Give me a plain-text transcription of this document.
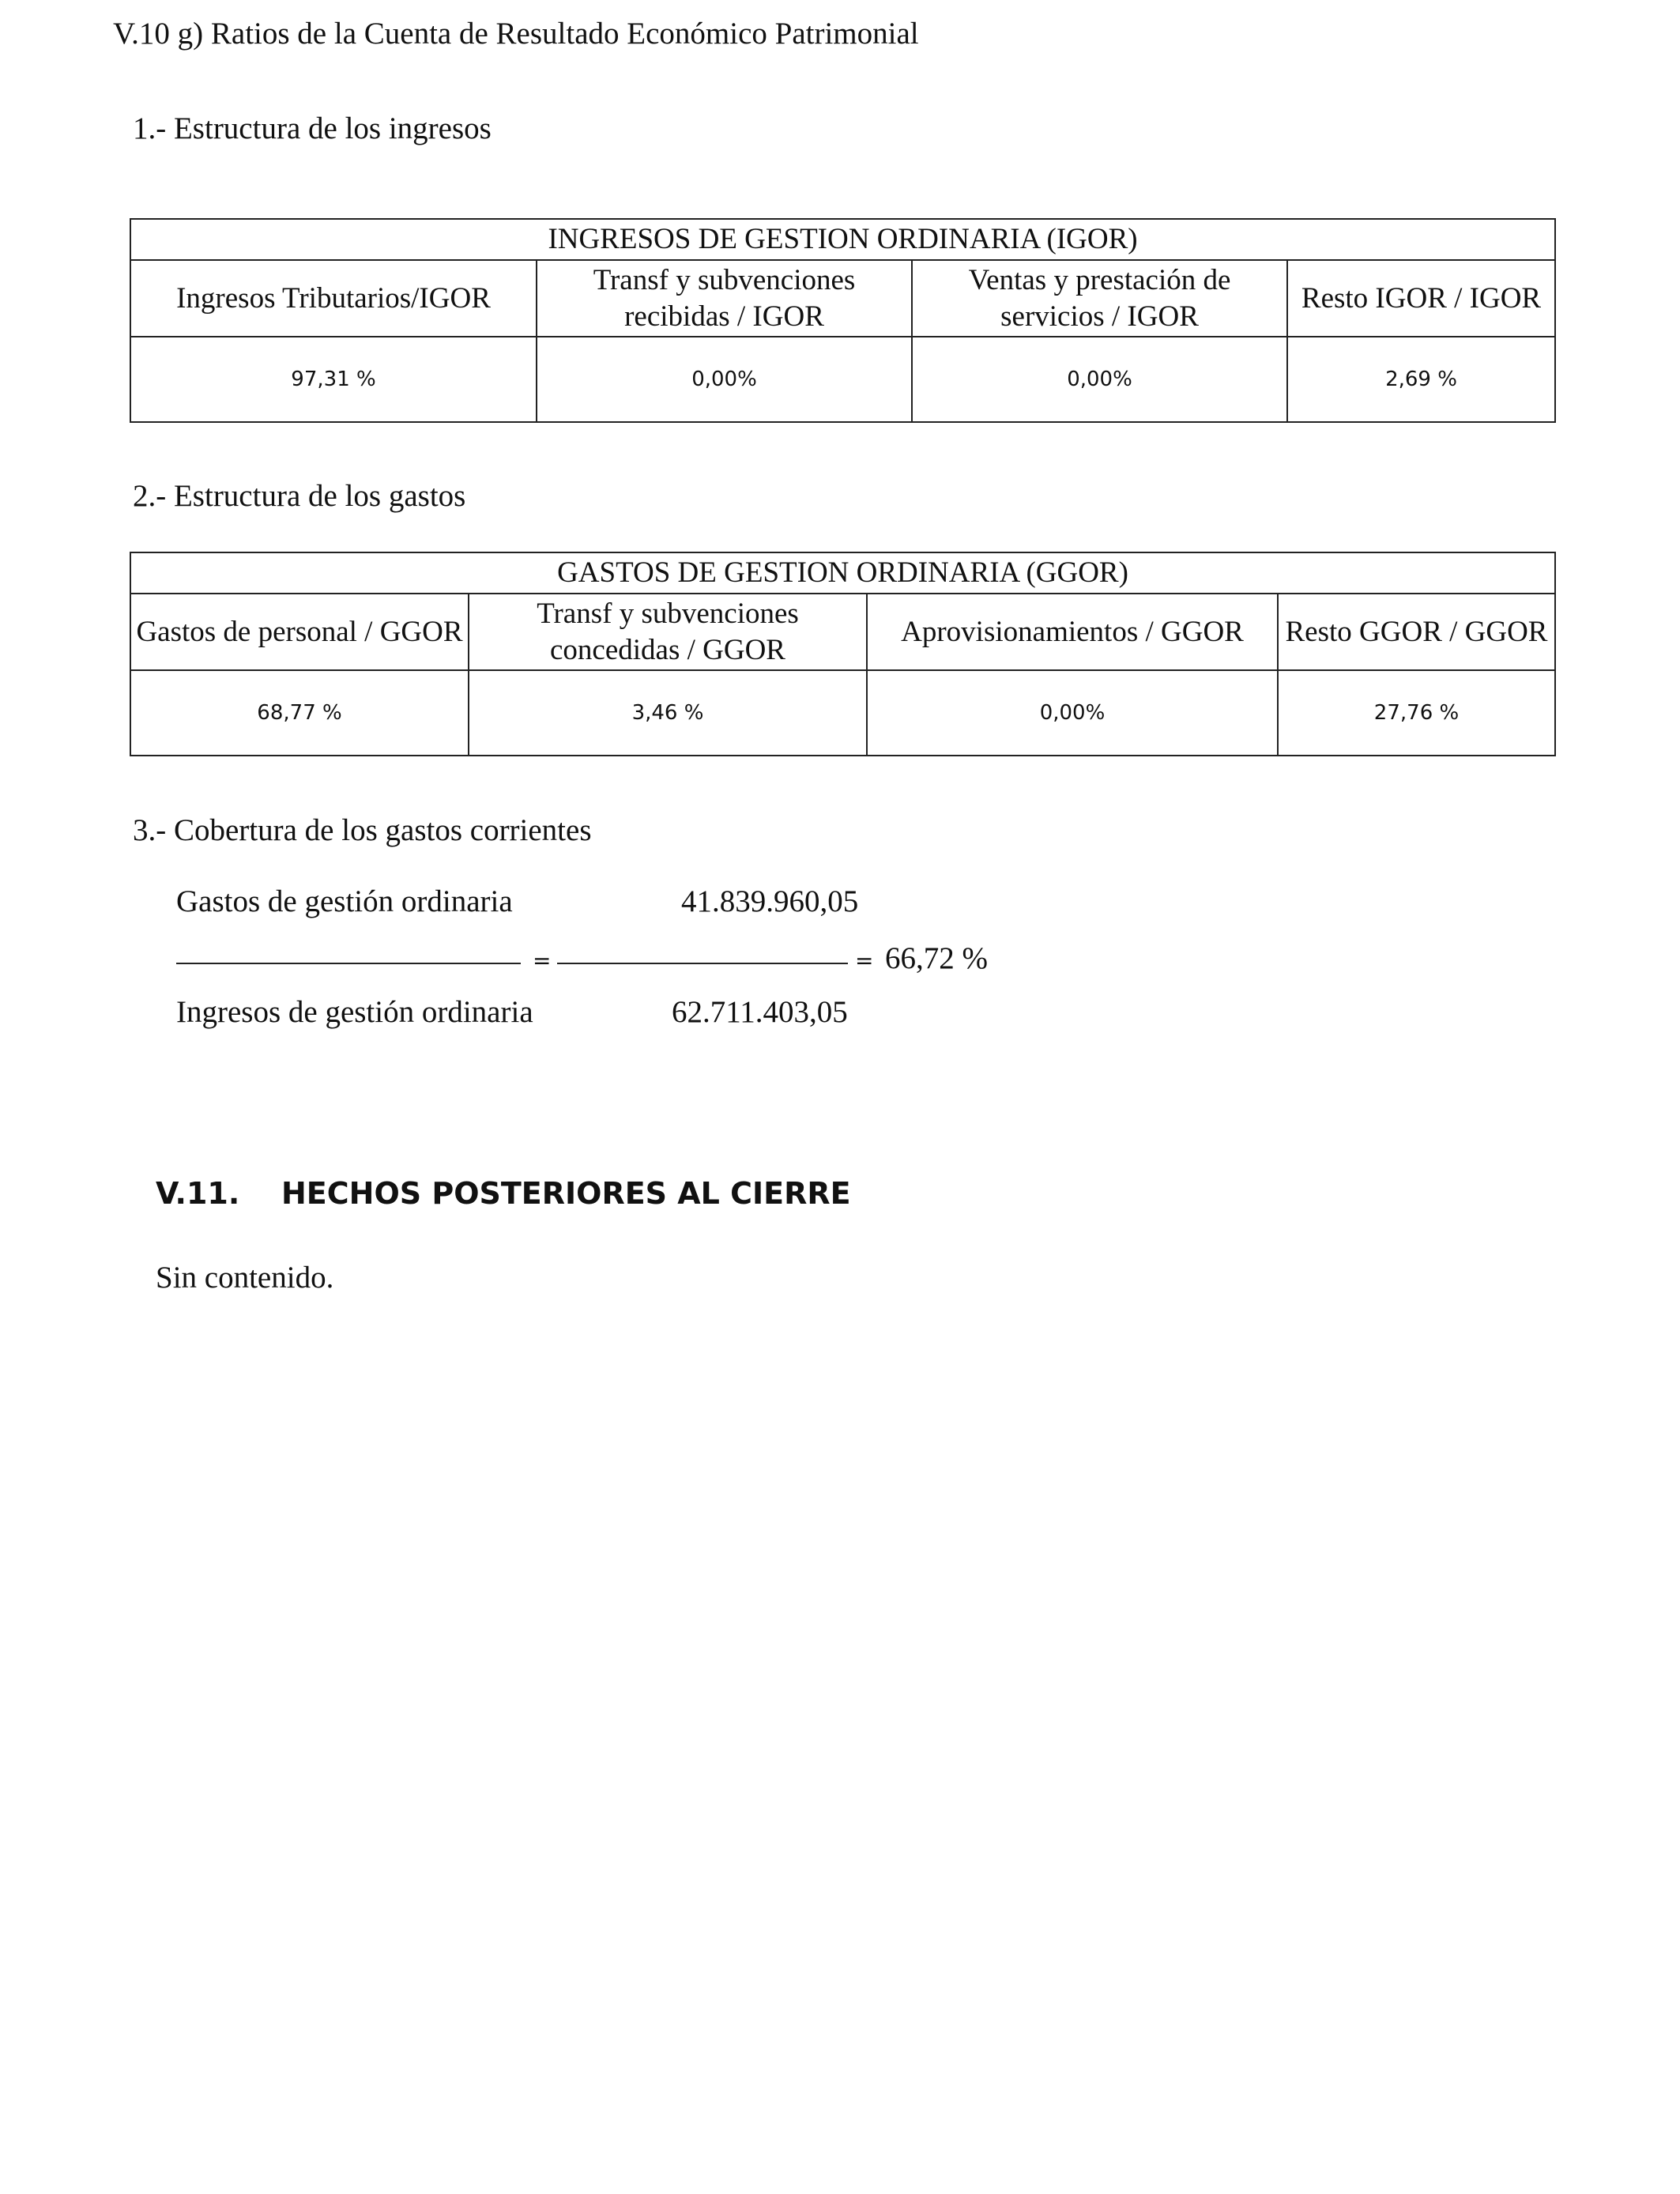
V.10 g) Ratios de la Cuenta de Resultado Económico Patrimonial
1.- Estructura de los ingresos
INGRESOS DE GESTION ORDINARIA (IGOR)			
Ingresos Tributarios/IGOR	Transf y subvenciones recibidas / IGOR	Ventas y prestación de servicios / IGOR	Resto IGOR / IGOR
97,31 %	0,00%	0,00%	2,69 %
2.- Estructura de los gastos
GASTOS DE GESTION ORDINARIA (GGOR)			
Gastos de personal / GGOR	Transf y subvenciones concedidas / GGOR	Aprovisionamientos / GGOR	Resto GGOR / GGOR
68,77 %	3,46 %	0,00%	27,76 %
3.- Cobertura de los gastos corrientes
Gastos de gestión ordinaria	41.839.960,05
=	= 66,72 %
Ingresos de gestión ordinaria	62.711.403,05
V.11. HECHOS POSTERIORES AL CIERRE
Sin contenido.
